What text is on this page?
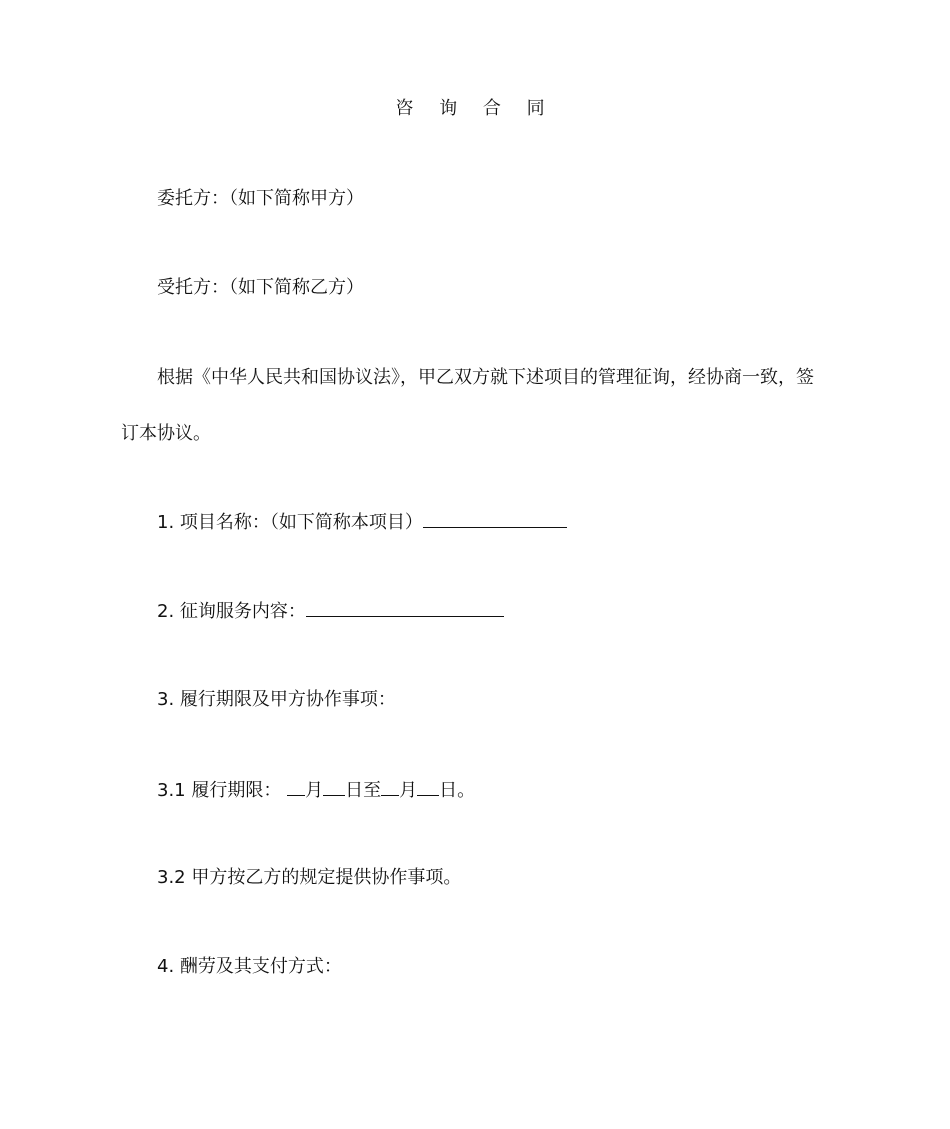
咨 询 合 同
委托方：（如下简称甲方）
受托方：（如下简称乙方）
根据《中华人民共和国协议法》，甲乙双方就下述项目的管理征询，经协商一致，签
订本协议。
1. 项目名称：（如下简称本项目）
2. 征询服务内容：
3. 履行期限及甲方协作事项：
3.1 履行期限： 月 日至 月 日。
3.2 甲方按乙方的规定提供协作事项。
4. 酬劳及其支付方式：
